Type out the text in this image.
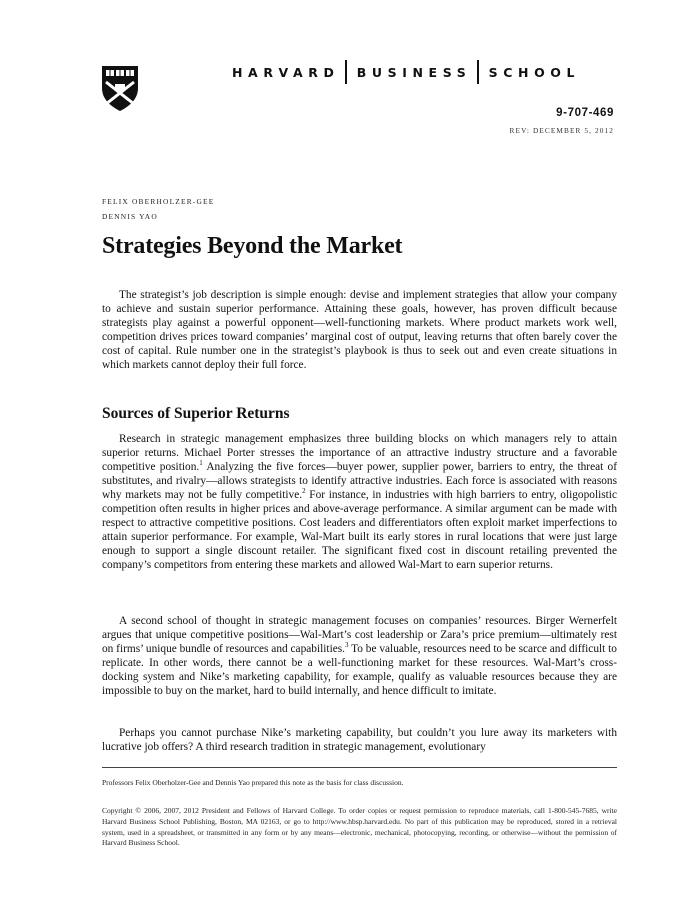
HARVARD BUSINESS SCHOOL
9-707-469
REV: DECEMBER 5, 2012
FELIX OBERHOLZER-GEE
DENNIS YAO
Strategies Beyond the Market

The strategist’s job description is simple enough: devise and implement strategies that allow your company to achieve and sustain superior performance. Attaining these goals, however, has proven difficult because strategists play against a powerful opponent—well-functioning markets. Where product markets work well, competition drives prices toward companies’ marginal cost of output, leaving returns that often barely cover the cost of capital. Rule number one in the strategist’s playbook is thus to seek out and even create situations in which markets cannot deploy their full force.

Sources of Superior Returns

Research in strategic management emphasizes three building blocks on which managers rely to attain superior returns. Michael Porter stresses the importance of an attractive industry structure and a favorable competitive position.$^1$ Analyzing the five forces—buyer power, supplier power, barriers to entry, the threat of substitutes, and rivalry—allows strategists to identify attractive industries. Each force is associated with reasons why markets may not be fully competitive.$^2$ For instance, in industries with high barriers to entry, oligopolistic competition often results in higher prices and above-average performance. A similar argument can be made with respect to attractive competitive positions. Cost leaders and differentiators often exploit market imperfections to attain superior performance. For example, Wal-Mart built its early stores in rural locations that were just large enough to support a single discount retailer. The significant fixed cost in discount retailing prevented the company’s competitors from entering these markets and allowed Wal-Mart to earn superior returns.

A second school of thought in strategic management focuses on companies’ resources. Birger Wernerfelt argues that unique competitive positions—Wal-Mart’s cost leadership or Zara’s price premium—ultimately rest on firms’ unique bundle of resources and capabilities.$^3$ To be valuable, resources need to be scarce and difficult to replicate. In other words, there cannot be a well-functioning market for these resources. Wal-Mart’s cross-docking system and Nike’s marketing capability, for example, qualify as valuable resources because they are impossible to buy on the market, hard to build internally, and hence difficult to imitate.

Perhaps you cannot purchase Nike’s marketing capability, but couldn’t you lure away its marketers with lucrative job offers? A third research tradition in strategic management, evolutionary

Professors Felix Oberholzer-Gee and Dennis Yao prepared this note as the basis for class discussion.

Copyright © 2006, 2007, 2012 President and Fellows of Harvard College. To order copies or request permission to reproduce materials, call 1-800-545-7685, write Harvard Business School Publishing, Boston, MA 02163, or go to http://www.hbsp.harvard.edu. No part of this publication may be reproduced, stored in a retrieval system, used in a spreadsheet, or transmitted in any form or by any means—electronic, mechanical, photocopying, recording, or otherwise—without the permission of Harvard Business School.
